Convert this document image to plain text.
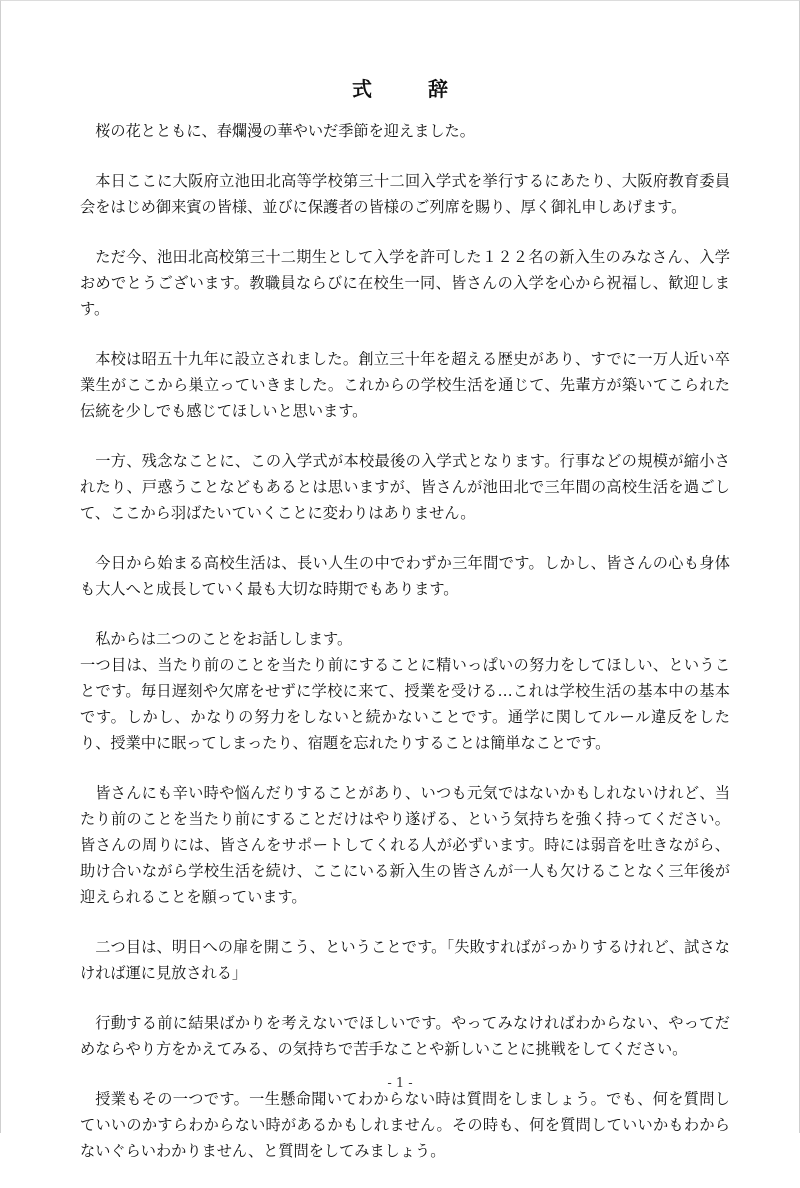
式　辞

桜の花とともに、春爛漫の華やいだ季節を迎えました。

本日ここに大阪府立池田北高等学校第三十二回入学式を挙行するにあたり、大阪府教育委員会をはじめ御来賓の皆様、並びに保護者の皆様のご列席を賜り、厚く御礼申しあげます。

ただ今、池田北高校第三十二期生として入学を許可した１２２名の新入生のみなさん、入学おめでとうございます。教職員ならびに在校生一同、皆さんの入学を心から祝福し、歓迎します。

本校は昭五十九年に設立されました。創立三十年を超える歴史があり、すでに一万人近い卒業生がここから巣立っていきました。これからの学校生活を通じて、先輩方が築いてこられた伝統を少しでも感じてほしいと思います。

一方、残念なことに、この入学式が本校最後の入学式となります。行事などの規模が縮小されたり、戸惑うことなどもあるとは思いますが、皆さんが池田北で三年間の高校生活を過ごして、ここから羽ばたいていくことに変わりはありません。

今日から始まる高校生活は、長い人生の中でわずか三年間です。しかし、皆さんの心も身体も大人へと成長していく最も大切な時期でもあります。

私からは二つのことをお話しします。

一つ目は、当たり前のことを当たり前にすることに精いっぱいの努力をしてほしい、ということです。毎日遅刻や欠席をせずに学校に来て、授業を受ける…これは学校生活の基本中の基本です。しかし、かなりの努力をしないと続かないことです。通学に関してルール違反をしたり、授業中に眠ってしまったり、宿題を忘れたりすることは簡単なことです。

皆さんにも辛い時や悩んだりすることがあり、いつも元気ではないかもしれないけれど、当たり前のことを当たり前にすることだけはやり遂げる、という気持ちを強く持ってください。皆さんの周りには、皆さんをサポートしてくれる人が必ずいます。時には弱音を吐きながら、助け合いながら学校生活を続け、ここにいる新入生の皆さんが一人も欠けることなく三年後が迎えられることを願っています。

二つ目は、明日への扉を開こう、ということです。「失敗すればがっかりするけれど、試さなければ運に見放される」

行動する前に結果ばかりを考えないでほしいです。やってみなければわからない、やってだめならやり方をかえてみる、の気持ちで苦手なことや新しいことに挑戦をしてください。

授業もその一つです。一生懸命聞いてわからない時は質問をしましょう。でも、何を質問していいのかすらわからない時があるかもしれません。その時も、何を質問していいかもわからないぐらいわかりません、と質問をしてみましょう。

- 1 -
